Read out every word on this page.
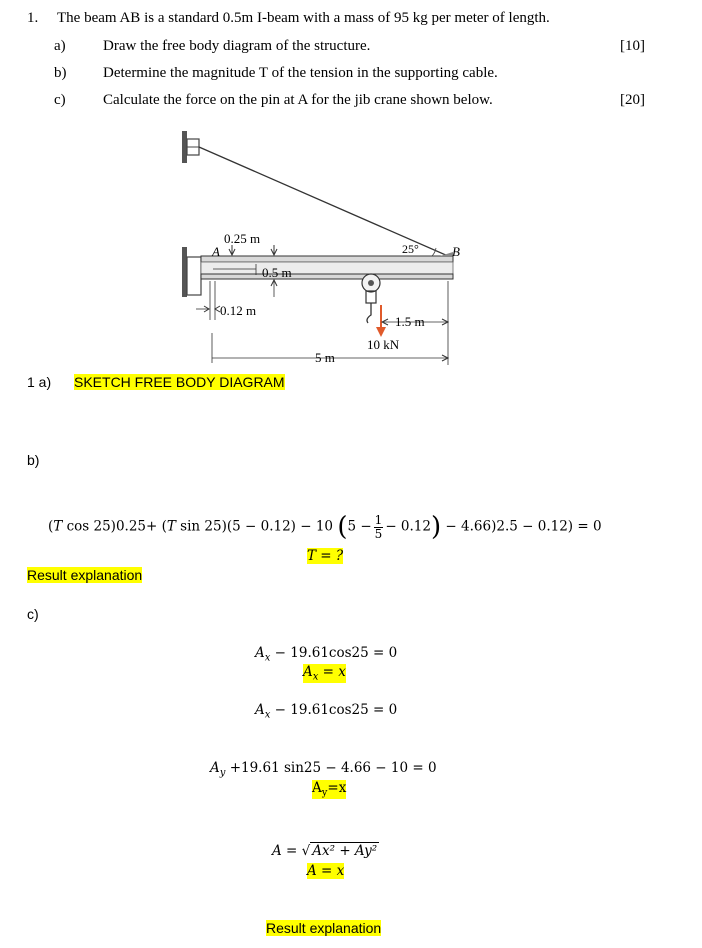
1. The beam AB is a standard 0.5m I-beam with a mass of 95 kg per meter of length.
a) Draw the free body diagram of the structure.	[10]
b) Determine the magnitude T of the tension in the supporting cable.
c) Calculate the force on the pin at A for the jib crane shown below.	[20]
0.25 m
A
0.5 m
0.12 m
25°	B
1.5 m
10 kN
5 m
1 a) SKETCH FREE BODY DIAGRAM
b)
(T cos 25)0.25+ (T sin 25)(5 − 0.12) − 10 $(5 - \frac{1}{5} - 0.12) - 4.66)2.5 - 0.12) = 0$
T = ?
Result explanation
c)
$A_x - 19.61\cos 25 = 0$
$A_x = x$
$A_x - 19.61\cos 25 = 0$
$A_y +19.61$ sin25 − 4.66 − 10 = 0
$A_y=x$
A = √ Ax² + Ay²
A = x
Result explanation
